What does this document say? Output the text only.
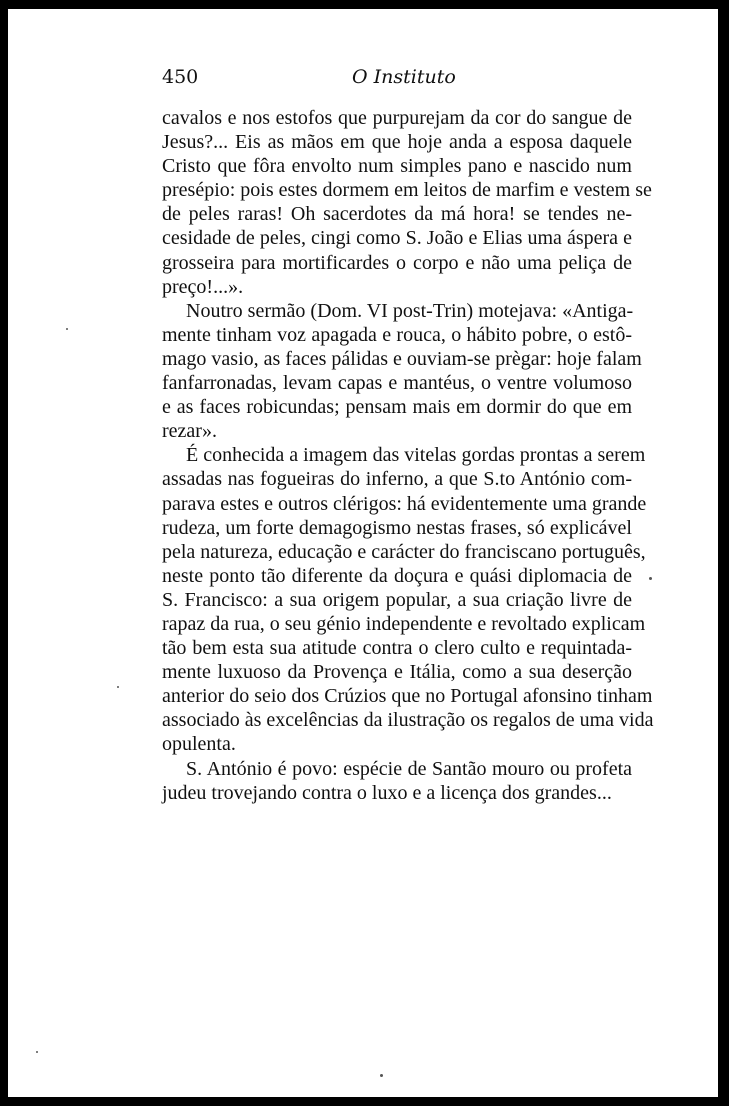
450	O Instituto
cavalos e nos estofos que purpurejam da cor do sangue de
Jesus?... Eis as mãos em que hoje anda a esposa daquele
Cristo que fôra envolto num simples pano e nascido num
presépio: pois estes dormem em leitos de marfim e vestem se
de peles raras! Oh sacerdotes da má hora! se tendes ne-
cesidade de peles, cingi como S. João e Elias uma áspera e
grosseira para mortificardes o corpo e não uma peliça de
preço!...».
Noutro sermão (Dom. VI post-Trin) motejava: «Antiga-
mente tinham voz apagada e rouca, o hábito pobre, o estô-
mago vasio, as faces pálidas e ouviam-se prègar: hoje falam
fanfarronadas, levam capas e mantéus, o ventre volumoso
e as faces robicundas; pensam mais em dormir do que em
rezar».
É conhecida a imagem das vitelas gordas prontas a serem
assadas nas fogueiras do inferno, a que S.to António com-
parava estes e outros clérigos: há evidentemente uma grande
rudeza, um forte demagogismo nestas frases, só explicável
pela natureza, educação e carácter do franciscano português,
neste ponto tão diferente da doçura e quási diplomacia de
S. Francisco: a sua origem popular, a sua criação livre de
rapaz da rua, o seu génio independente e revoltado explicam
tão bem esta sua atitude contra o clero culto e requintada-
mente luxuoso da Provença e Itália, como a sua deserção
anterior do seio dos Crúzios que no Portugal afonsino tinham
associado às excelências da ilustração os regalos de uma vida
opulenta.
S. António é povo: espécie de Santão mouro ou profeta
judeu trovejando contra o luxo e a licença dos grandes...
